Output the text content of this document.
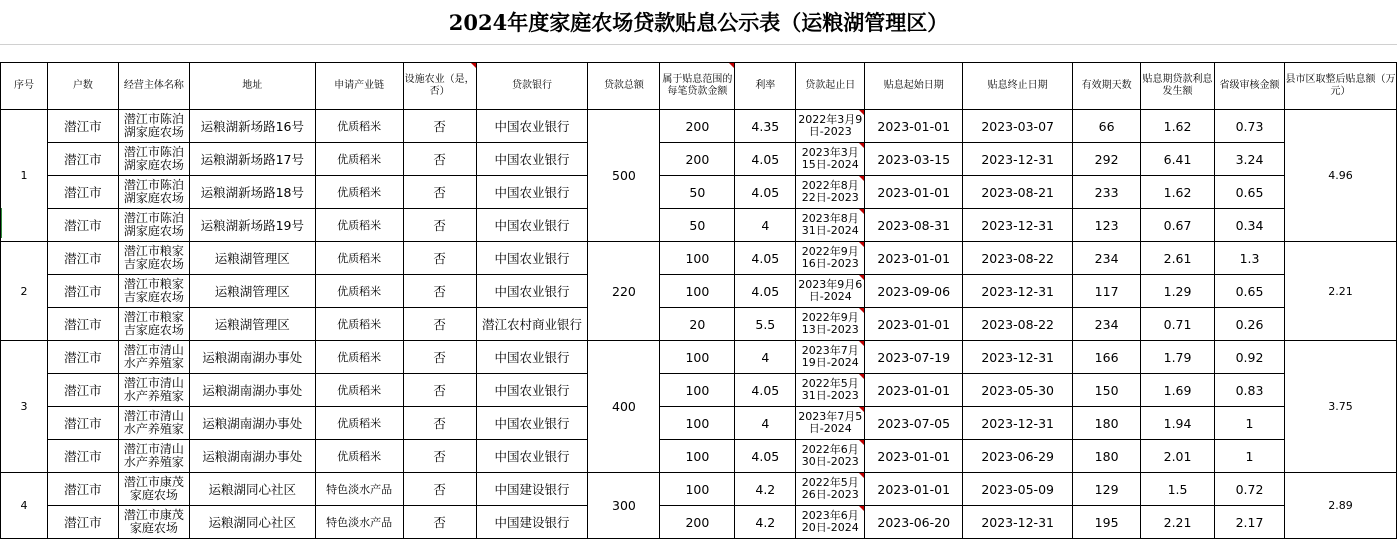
2024年度家庭农场贷款贴息公示表（运粮湖管理区）
序号	户数	经营主体名称	地址	申请产业链	设施农业（是，否）	贷款银行	贷款总额	属于贴息范围的每笔贷款金额	利率	贷款起止日	贴息起始日期	贴息终止日期	有效期天数	贴息期贷款利息发生额	省级审核金额	县市区取整后贴息额（万元）
1	潜江市	潜江市陈泊湖家庭农场	运粮湖新场路16号	优质稻米	否	中国农业银行	500	200	4.35	2022年3月9日-2023	2023-01-01	2023-03-07	66	1.62	0.73	4.96
	潜江市	潜江市陈泊湖家庭农场	运粮湖新场路17号	优质稻米	否	中国农业银行		200	4.05	2023年3月15日-2024	2023-03-15	2023-12-31	292	6.41	3.24	
	潜江市	潜江市陈泊湖家庭农场	运粮湖新场路18号	优质稻米	否	中国农业银行		50	4.05	2022年8月22日-2023	2023-01-01	2023-08-21	233	1.62	0.65	
	潜江市	潜江市陈泊湖家庭农场	运粮湖新场路19号	优质稻米	否	中国农业银行		50	4	2023年8月31日-2024	2023-08-31	2023-12-31	123	0.67	0.34	
2	潜江市	潜江市粮家吉家庭农场	运粮湖管理区	优质稻米	否	中国农业银行	220	100	4.05	2022年9月16日-2023	2023-01-01	2023-08-22	234	2.61	1.3	2.21
	潜江市	潜江市粮家吉家庭农场	运粮湖管理区	优质稻米	否	中国农业银行		100	4.05	2023年9月6日-2024	2023-09-06	2023-12-31	117	1.29	0.65	
	潜江市	潜江市粮家吉家庭农场	运粮湖管理区	优质稻米	否	潜江农村商业银行		20	5.5	2022年9月13日-2023	2023-01-01	2023-08-22	234	0.71	0.26	
3	潜江市	潜江市清山水产养殖家	运粮湖南湖办事处	优质稻米	否	中国农业银行	400	100	4	2023年7月19日-2024	2023-07-19	2023-12-31	166	1.79	0.92	3.75
	潜江市	潜江市清山水产养殖家	运粮湖南湖办事处	优质稻米	否	中国农业银行		100	4.05	2022年5月31日-2023	2023-01-01	2023-05-30	150	1.69	0.83	
	潜江市	潜江市清山水产养殖家	运粮湖南湖办事处	优质稻米	否	中国农业银行		100	4	2023年7月5日-2024	2023-07-05	2023-12-31	180	1.94	1	
	潜江市	潜江市清山水产养殖家	运粮湖南湖办事处	优质稻米	否	中国农业银行		100	4.05	2022年6月30日-2023	2023-01-01	2023-06-29	180	2.01	1	
4	潜江市	潜江市康茂家庭农场	运粮湖同心社区	特色淡水产品	否	中国建设银行	300	100	4.2	2022年5月26日-2023	2023-01-01	2023-05-09	129	1.5	0.72	2.89
	潜江市	潜江市康茂家庭农场	运粮湖同心社区	特色淡水产品	否	中国建设银行		200	4.2	2023年6月20日-2024	2023-06-20	2023-12-31	195	2.21	2.17	
